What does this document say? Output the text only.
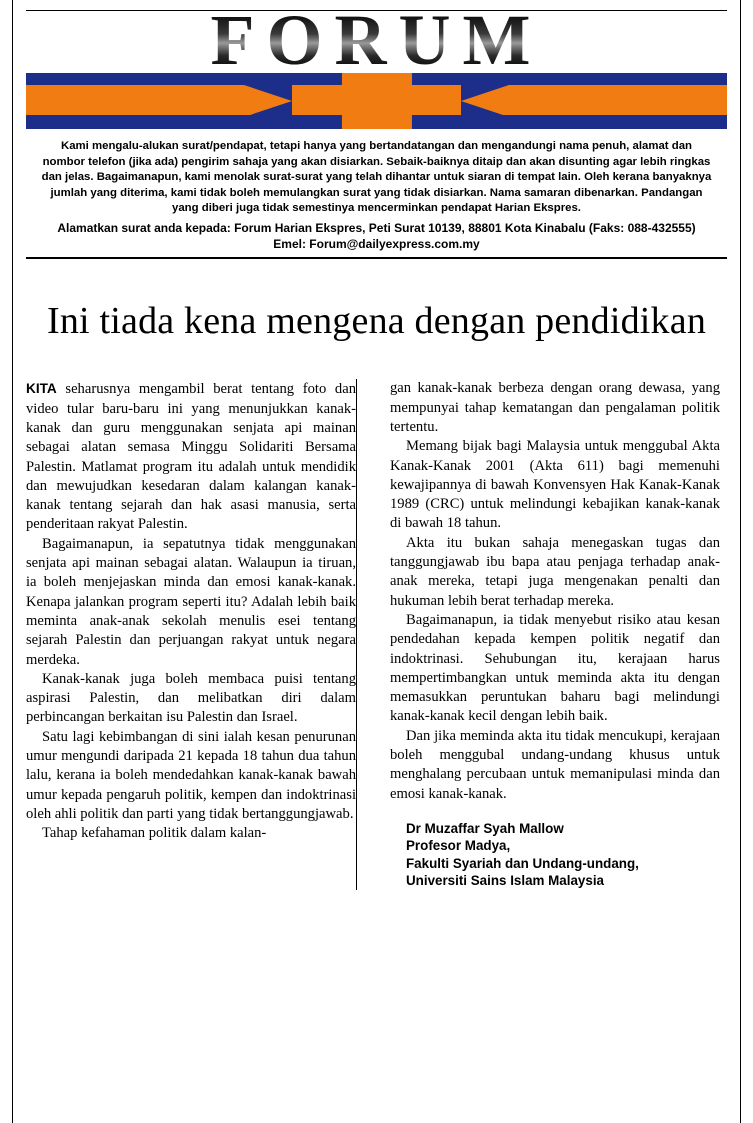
FORUM
Kami mengalu-alukan surat/pendapat, tetapi hanya yang bertandatangan dan mengandungi nama penuh, alamat dan nombor telefon (jika ada) pengirim sahaja yang akan disiarkan. Sebaik-baiknya ditaip dan akan disunting agar lebih ringkas dan jelas. Bagaimanapun, kami menolak surat-surat yang telah dihantar untuk siaran di tempat lain. Oleh kerana banyaknya jumlah yang diterima, kami tidak boleh memulangkan surat yang tidak disiarkan. Nama samaran dibenarkan. Pandangan yang diberi juga tidak semestinya mencerminkan pendapat Harian Ekspres.
Alamatkan surat anda kepada: Forum Harian Ekspres, Peti Surat 10139, 88801 Kota Kinabalu (Faks: 088-432555) Emel: Forum@dailyexpress.com.my
Ini tiada kena mengena dengan pendidikan

KITA seharusnya mengambil berat tentang foto dan video tular baru-baru ini yang menunjukkan kanak-kanak dan guru menggunakan senjata api mainan sebagai alatan semasa Minggu Solidariti Bersama Palestin. Matlamat program itu adalah untuk mendidik dan mewujudkan kesedaran dalam kalangan kanak-kanak tentang sejarah dan hak asasi manusia, serta penderitaan rakyat Palestin.

Bagaimanapun, ia sepatutnya tidak menggunakan senjata api mainan sebagai alatan. Walaupun ia tiruan, ia boleh menjejaskan minda dan emosi kanak-kanak. Kenapa jalankan program seperti itu? Adalah lebih baik meminta anak-anak sekolah menulis esei tentang sejarah Palestin dan perjuangan rakyat untuk negara merdeka.

Kanak-kanak juga boleh membaca puisi tentang aspirasi Palestin, dan melibatkan diri dalam perbincangan berkaitan isu Palestin dan Israel.

Satu lagi kebimbangan di sini ialah kesan penurunan umur mengundi daripada 21 kepada 18 tahun dua tahun lalu, kerana ia boleh mendedahkan kanak-kanak bawah umur kepada pengaruh politik, kempen dan indoktrinasi oleh ahli politik dan parti yang tidak bertanggungjawab.

Tahap kefahaman politik dalam kalan-

gan kanak-kanak berbeza dengan orang dewasa, yang mempunyai tahap kematangan dan pengalaman politik tertentu.

Memang bijak bagi Malaysia untuk menggubal Akta Kanak-Kanak 2001 (Akta 611) bagi memenuhi kewajipannya di bawah Konvensyen Hak Kanak-Kanak 1989 (CRC) untuk melindungi kebajikan kanak-kanak di bawah 18 tahun.

Akta itu bukan sahaja menegaskan tugas dan tanggungjawab ibu bapa atau penjaga terhadap anak-anak mereka, tetapi juga mengenakan penalti dan hukuman lebih berat terhadap mereka.

Bagaimanapun, ia tidak menyebut risiko atau kesan pendedahan kepada kempen politik negatif dan indoktrinasi. Sehubungan itu, kerajaan harus mempertimbangkan untuk meminda akta itu dengan memasukkan peruntukan baharu bagi melindungi kanak-kanak kecil dengan lebih baik.

Dan jika meminda akta itu tidak mencukupi, kerajaan boleh menggubal undang-undang khusus untuk menghalang percubaan untuk memanipulasi minda dan emosi kanak-kanak.

Dr Muzaffar Syah Mallow
Profesor Madya,
Fakulti Syariah dan Undang-undang,
Universiti Sains Islam Malaysia
